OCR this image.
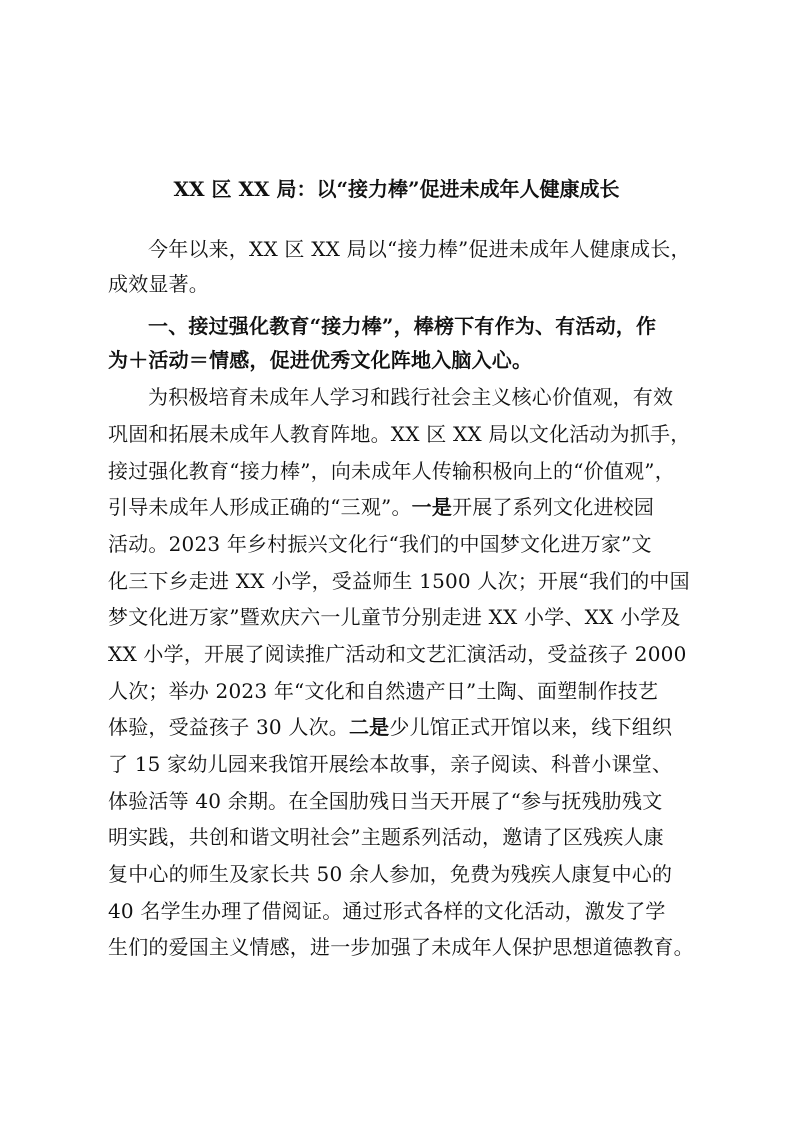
XX 区 XX 局：以“接力棒”促进未成年人健康成长
今年以来，XX 区 XX 局以“接力棒”促进未成年人健康成长，
成效显著。
一、接过强化教育“接力棒”，棒榜下有作为、有活动，作
为＋活动＝情感，促进优秀文化阵地入脑入心。
为积极培育未成年人学习和践行社会主义核心价值观，有效
巩固和拓展未成年人教育阵地。XX 区 XX 局以文化活动为抓手，
接过强化教育“接力棒”，向未成年人传输积极向上的“价值观”，
引导未成年人形成正确的“三观”。一是开展了系列文化进校园
活动。2023 年乡村振兴文化行“我们的中国梦文化进万家”文
化三下乡走进 XX 小学，受益师生 1500 人次；开展“我们的中国
梦文化进万家”暨欢庆六一儿童节分别走进 XX 小学、XX 小学及
XX 小学，开展了阅读推广活动和文艺汇演活动，受益孩子 2000
人次；举办 2023 年“文化和自然遗产日”土陶、面塑制作技艺
体验，受益孩子 30 人次。二是少儿馆正式开馆以来，线下组织
了 15 家幼儿园来我馆开展绘本故事，亲子阅读、科普小课堂、
体验活等 40 余期。在全国肋残日当天开展了“参与抚残肋残文
明实践，共创和谐文明社会”主题系列活动，邀请了区残疾人康
复中心的师生及家长共 50 余人参加，免费为残疾人康复中心的
40 名学生办理了借阅证。通过形式各样的文化活动，激发了学
生们的爱国主义情感，进一步加强了未成年人保护思想道德教育。
